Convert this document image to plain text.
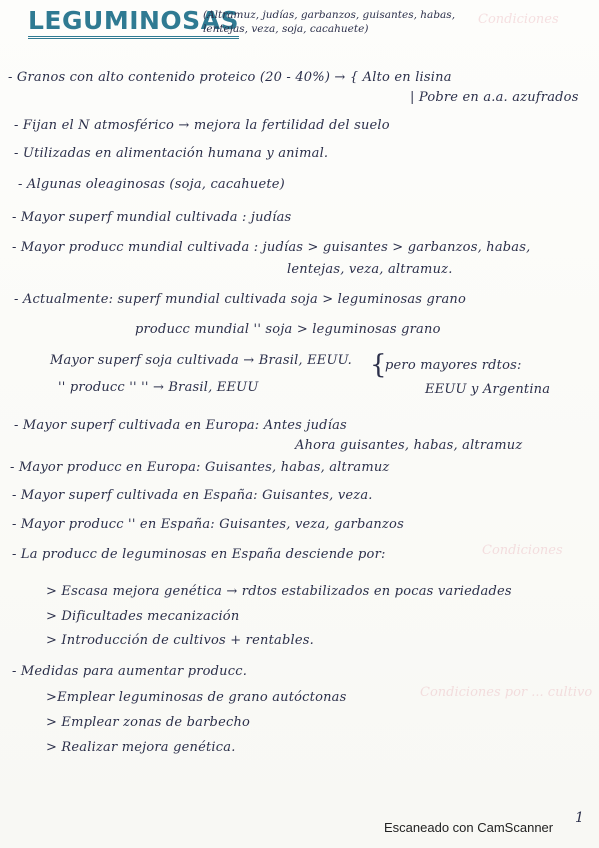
Condiciones
Condiciones
Condiciones por ... cultivo
LEGUMINOSAS
(Altramuz, judías, garbanzos, guisantes, habas, lentejas, veza, soja, cacahuete)
- Granos con alto contenido proteico (20 - 40%) → { Alto en lisina
| Pobre en a.a. azufrados
- Fijan el N atmosférico → mejora la fertilidad del suelo
- Utilizadas en alimentación humana y animal.
- Algunas oleaginosas (soja, cacahuete)
- Mayor superf mundial cultivada : judías
- Mayor producc mundial cultivada : judías > guisantes > garbanzos, habas,
lentejas, veza, altramuz.
- Actualmente: superf mundial cultivada soja > leguminosas grano
producc mundial '' soja > leguminosas grano
Mayor superf soja cultivada → Brasil, EEUU.
'' producc '' '' → Brasil, EEUU
{
pero mayores rdtos:
EEUU y Argentina
- Mayor superf cultivada en Europa: Antes judías
Ahora guisantes, habas, altramuz
- Mayor producc en Europa: Guisantes, habas, altramuz
- Mayor superf cultivada en España: Guisantes, veza.
- Mayor producc '' en España: Guisantes, veza, garbanzos
- La producc de leguminosas en España desciende por:
> Escasa mejora genética → rdtos estabilizados en pocas variedades
> Dificultades mecanización
> Introducción de cultivos + rentables.
- Medidas para aumentar producc.
>Emplear leguminosas de grano autóctonas
> Emplear zonas de barbecho
> Realizar mejora genética.
1
Escaneado con CamScanner
